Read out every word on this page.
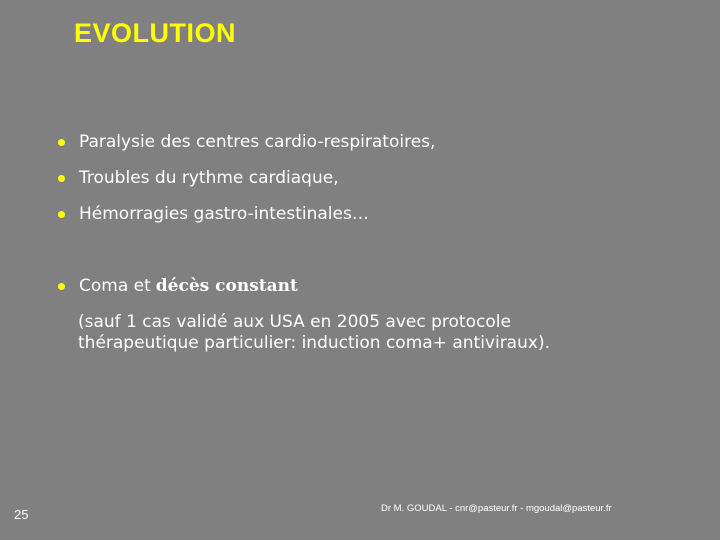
EVOLUTION
Paralysie des centres cardio-respiratoires,
Troubles du rythme cardiaque,
Hémorragies gastro-intestinales…
Coma et décès constant
(sauf 1 cas validé aux USA en 2005 avec protocole
thérapeutique particulier: induction coma+ antiviraux).
25	Dr M. GOUDAL - cnr@pasteur.fr - mgoudal@pasteur.fr
